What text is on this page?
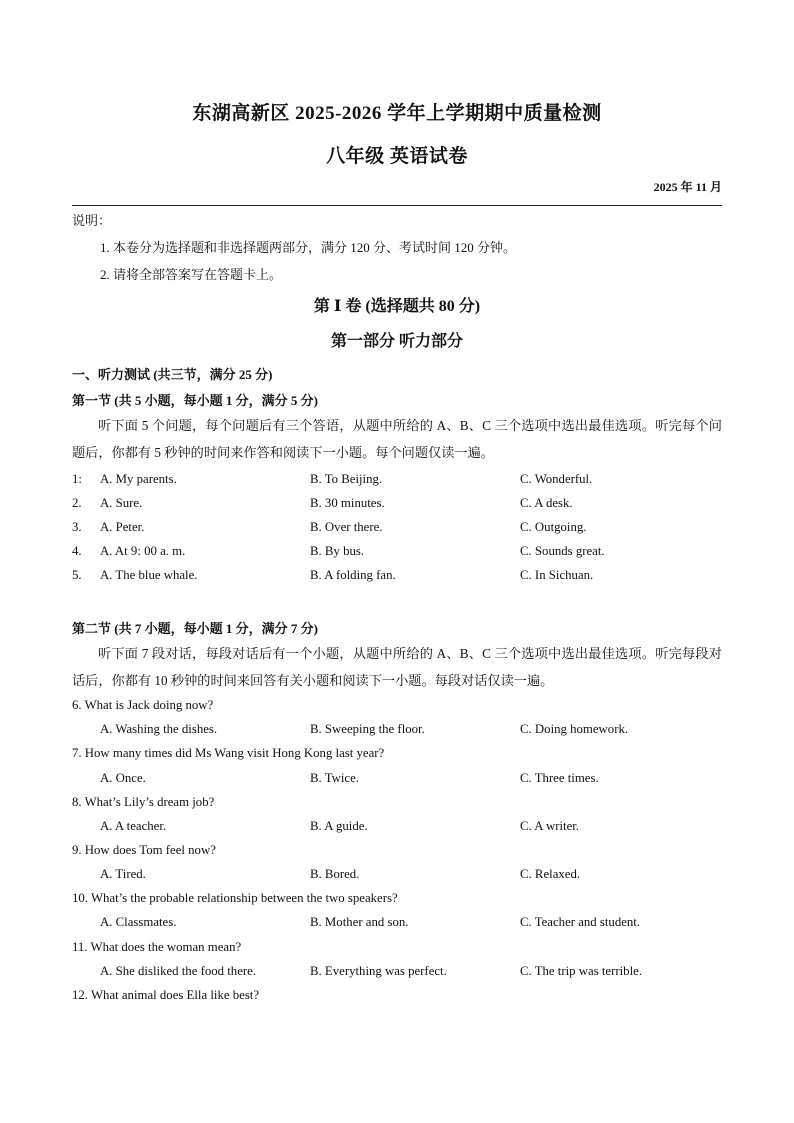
东湖高新区 2025-2026 学年上学期期中质量检测
八年级 英语试卷
2025 年 11 月
说明：
1. 本卷分为选择题和非选择题两部分，满分 120 分、考试时间 120 分钟。
2. 请将全部答案写在答题卡上。
第 Ⅰ 卷 (选择题共 80 分)
第一部分 听力部分
一、听力测试 (共三节，满分 25 分)
第一节 (共 5 小题，每小题 1 分，满分 5 分)
听下面 5 个问题，每个问题后有三个答语，从题中所给的 A、B、C 三个选项中选出最佳选项。听完每个问题后，你都有 5 秒钟的时间来作答和阅读下一小题。每个问题仅读一遍。
1: A. My parents.	B. To Beijing.	C. Wonderful.
2. A. Sure.	B. 30 minutes.	C. A desk.
3. A. Peter.	B. Over there.	C. Outgoing.
4. A. At 9: 00 a. m.	B. By bus.	C. Sounds great.
5. A. The blue whale.	B. A folding fan.	C. In Sichuan.
第二节 (共 7 小题，每小题 1 分，满分 7 分)
听下面 7 段对话，每段对话后有一个小题，从题中所给的 A、B、C 三个选项中选出最佳选项。听完每段对话后，你都有 10 秒钟的时间来回答有关小题和阅读下一小题。每段对话仅读一遍。
6. What is Jack doing now?
A. Washing the dishes.	B. Sweeping the floor.	C. Doing homework.
7. How many times did Ms Wang visit Hong Kong last year?
A. Once.	B. Twice.	C. Three times.
8. What’s Lily’s dream job?
A. A teacher.	B. A guide.	C. A writer.
9. How does Tom feel now?
A. Tired.	B. Bored.	C. Relaxed.
10. What’s the probable relationship between the two speakers?
A. Classmates.	B. Mother and son.	C. Teacher and student.
11. What does the woman mean?
A. She disliked the food there.	B. Everything was perfect.	C. The trip was terrible.
12. What animal does Ella like best?
